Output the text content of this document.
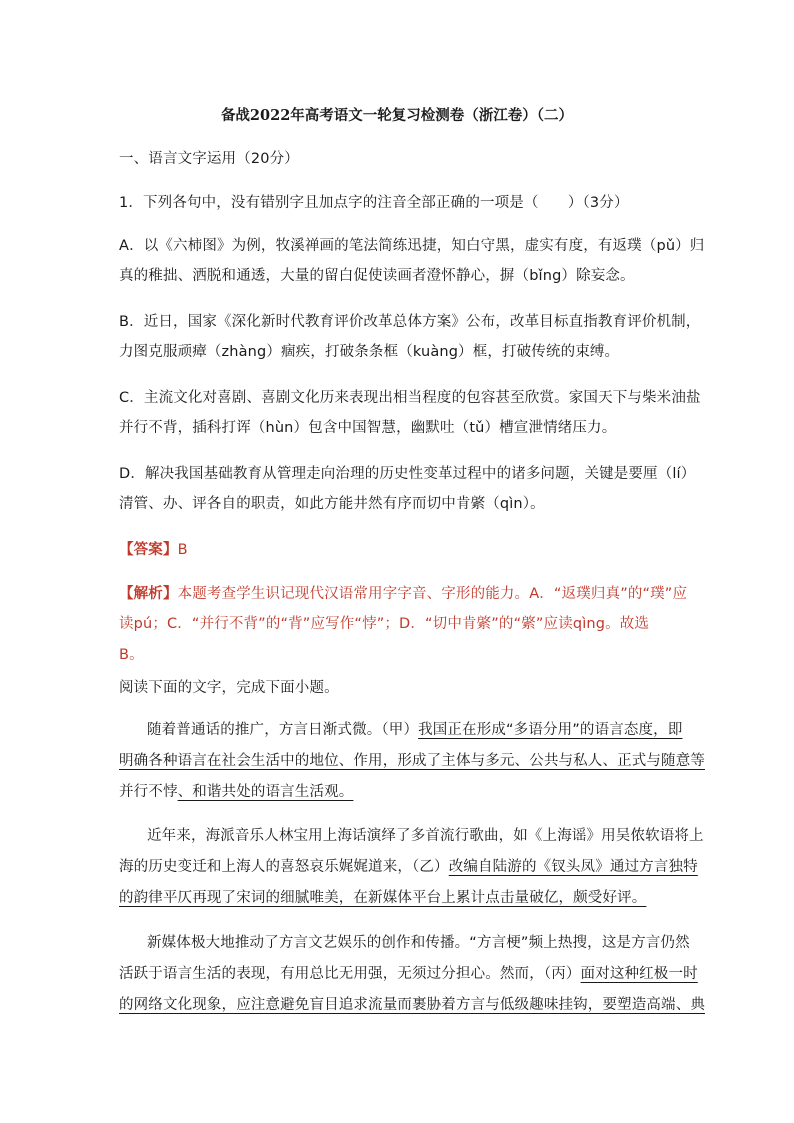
备战2022年高考语文一轮复习检测卷（浙江卷）（二）
一、语言文字运用（20分）
1．下列各句中，没有错别字且加点字的注音全部正确的一项是（　　）（3分）
A．以《六柿图》为例，牧溪禅画的笔法简练迅捷，知白守黑，虚实有度，有返璞（pǔ）归
真的稚拙、洒脱和通透，大量的留白促使读画者澄怀静心，摒（bǐng）除妄念。
B．近日，国家《深化新时代教育评价改革总体方案》公布，改革目标直指教育评价机制，
力图克服顽瘴（zhàng）痼疾，打破条条框（kuàng）框，打破传统的束缚。
C．主流文化对喜剧、喜剧文化历来表现出相当程度的包容甚至欣赏。家国天下与柴米油盐
并行不背，插科打诨（hùn）包含中国智慧，幽默吐（tǔ）槽宣泄情绪压力。
D．解决我国基础教育从管理走向治理的历史性变革过程中的诸多问题，关键是要厘（lí）
清管、办、评各自的职责，如此方能井然有序而切中肯綮（qìn）。
【答案】B
【解析】本题考查学生识记现代汉语常用字字音、字形的能力。A．“返璞归真”的“璞”应
读pú；C．“并行不背”的“背”应写作“悖”；D．“切中肯綮”的“綮”应读qìng。故选
B。
阅读下面的文字，完成下面小题。
随着普通话的推广，方言日渐式微。（甲）我国正在形成“多语分用”的语言态度，即
明确各种语言在社会生活中的地位、作用，形成了主体与多元、公共与私人、正式与随意等
并行不悖、和谐共处的语言生活观。
近年来，海派音乐人林宝用上海话演绎了多首流行歌曲，如《上海谣》用吴侬软语将上
海的历史变迁和上海人的喜怒哀乐娓娓道来，（乙）改编自陆游的《钗头凤》通过方言独特
的韵律平仄再现了宋词的细腻唯美，在新媒体平台上累计点击量破亿，颇受好评。
新媒体极大地推动了方言文艺娱乐的创作和传播。“方言梗”频上热搜，这是方言仍然
活跃于语言生活的表现，有用总比无用强，无须过分担心。然而，（丙）面对这种红极一时
的网络文化现象，应注意避免盲目追求流量而裹胁着方言与低级趣味挂钩，要塑造高端、典
